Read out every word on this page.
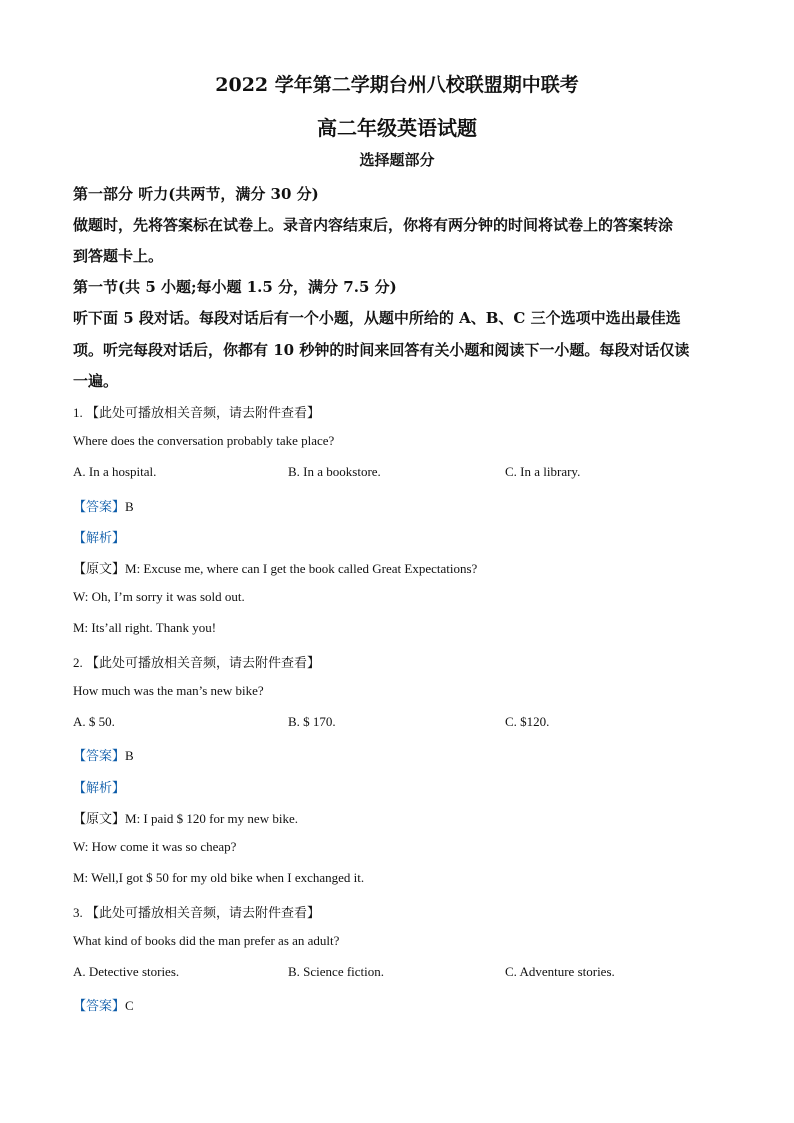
2022 学年第二学期台州八校联盟期中联考
高二年级英语试题
选择题部分
第一部分 听力(共两节，满分 30 分)
做题时，先将答案标在试卷上。录音内容结束后，你将有两分钟的时间将试卷上的答案转涂
到答题卡上。
第一节(共 5 小题;每小题 1.5 分，满分 7.5 分)
听下面 5 段对话。每段对话后有一个小题，从题中所给的 A、B、C 三个选项中选出最佳选
项。听完每段对话后，你都有 10 秒钟的时间来回答有关小题和阅读下一小题。每段对话仅读
一遍。
1. 【此处可播放相关音频，请去附件查看】
Where does the conversation probably take place?
A. In a hospital.	B. In a bookstore.	C. In a library.
【答案】B
【解析】
【原文】M: Excuse me, where can I get the book called Great Expectations?
W: Oh, I’m sorry it was sold out.
M: Its’all right. Thank you!
2. 【此处可播放相关音频，请去附件查看】
How much was the man’s new bike?
A. $ 50.	B. $ 170.	C. $120.
【答案】B
【解析】
【原文】M: I paid $ 120 for my new bike.
W: How come it was so cheap?
M: Well,I got $ 50 for my old bike when I exchanged it.
3. 【此处可播放相关音频，请去附件查看】
What kind of books did the man prefer as an adult?
A. Detective stories.	B. Science fiction.	C. Adventure stories.
【答案】C
